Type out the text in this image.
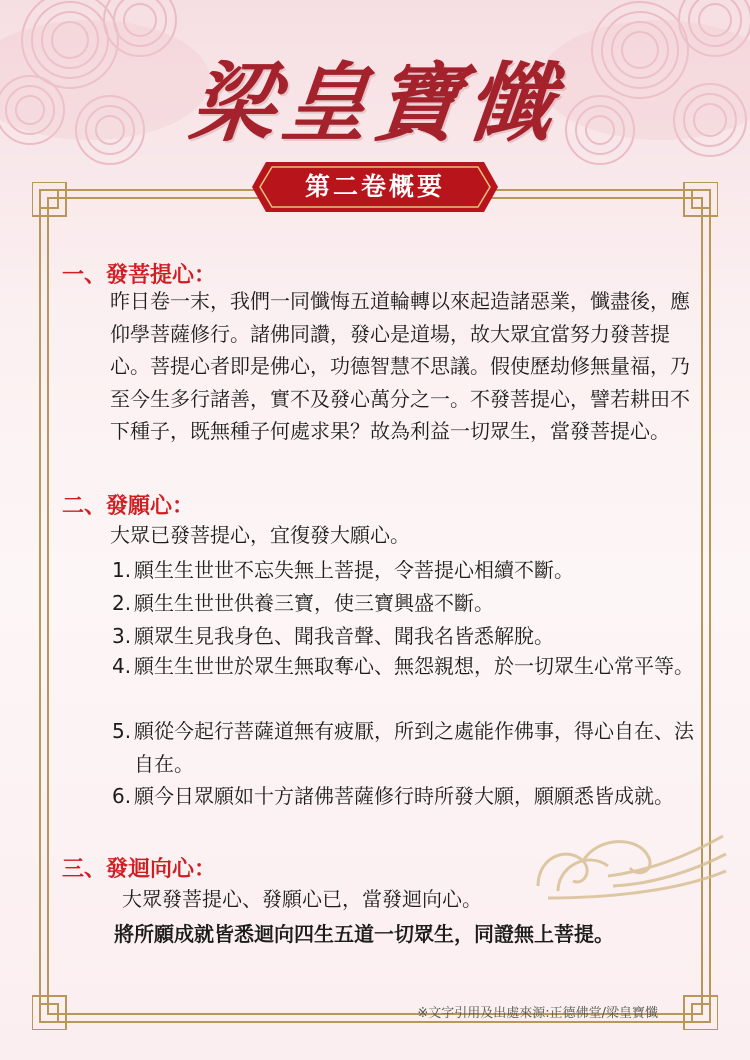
梁皇寶懺
第二卷概要
一、發菩提心：

昨日卷一末，我們一同懺悔五道輪轉以來起造諸惡業，懺盡後，應仰學菩薩修行。諸佛同讚，發心是道場，故大眾宜當努力發菩提心。菩提心者即是佛心，功德智慧不思議。假使歷劫修無量福，乃至今生多行諸善，實不及發心萬分之一。不發菩提心，譬若耕田不下種子，既無種子何處求果？故為利益一切眾生，當發菩提心。

二、發願心：
大眾已發菩提心，宜復發大願心。
1. 願生生世世不忘失無上菩提，令菩提心相續不斷。
2. 願生生世世供養三寶，使三寶興盛不斷。
3. 願眾生見我身色、聞我音聲、聞我名皆悉解脫。
4. 願生生世世於眾生無取奪心、無怨親想，於一切眾生心常平等。
5. 願從今起行菩薩道無有疲厭，所到之處能作佛事，得心自在、法自在。
6. 願今日眾願如十方諸佛菩薩修行時所發大願，願願悉皆成就。
三、發迴向心：
大眾發菩提心、發願心已，當發迴向心。
將所願成就皆悉迴向四生五道一切眾生，同證無上菩提。
※文字引用及出處來源:正德佛堂/梁皇寶懺
